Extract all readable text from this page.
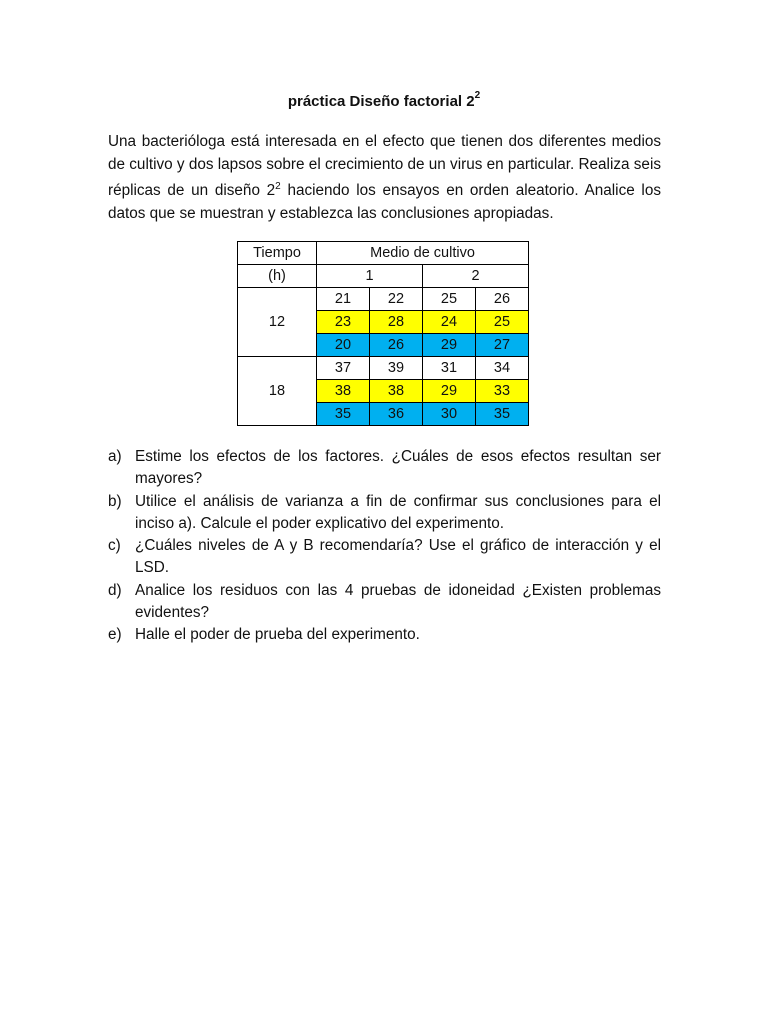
práctica Diseño factorial $2^2$
Una bacterióloga está interesada en el efecto que tienen dos diferentes medios de cultivo y dos lapsos sobre el crecimiento de un virus en particular. Realiza seis réplicas de un diseño $2^2$ haciendo los ensayos en orden aleatorio. Analice los datos que se muestran y establezca las conclusiones apropiadas.
Tiempo	Medio de cultivo			
(h)	1		2	
12	21	22	25	26
	23	28	24	25
	20	26	29	27
18	37	39	31	34
	38	38	29	33
	35	36	30	35
a) Estime los efectos de los factores. ¿Cuáles de esos efectos resultan ser mayores?
b) Utilice el análisis de varianza a fin de confirmar sus conclusiones para el inciso a). Calcule el poder explicativo del experimento.
c) ¿Cuáles niveles de A y B recomendaría? Use el gráfico de interacción y el LSD.
d) Analice los residuos con las 4 pruebas de idoneidad ¿Existen problemas evidentes?
e) Halle el poder de prueba del experimento.
